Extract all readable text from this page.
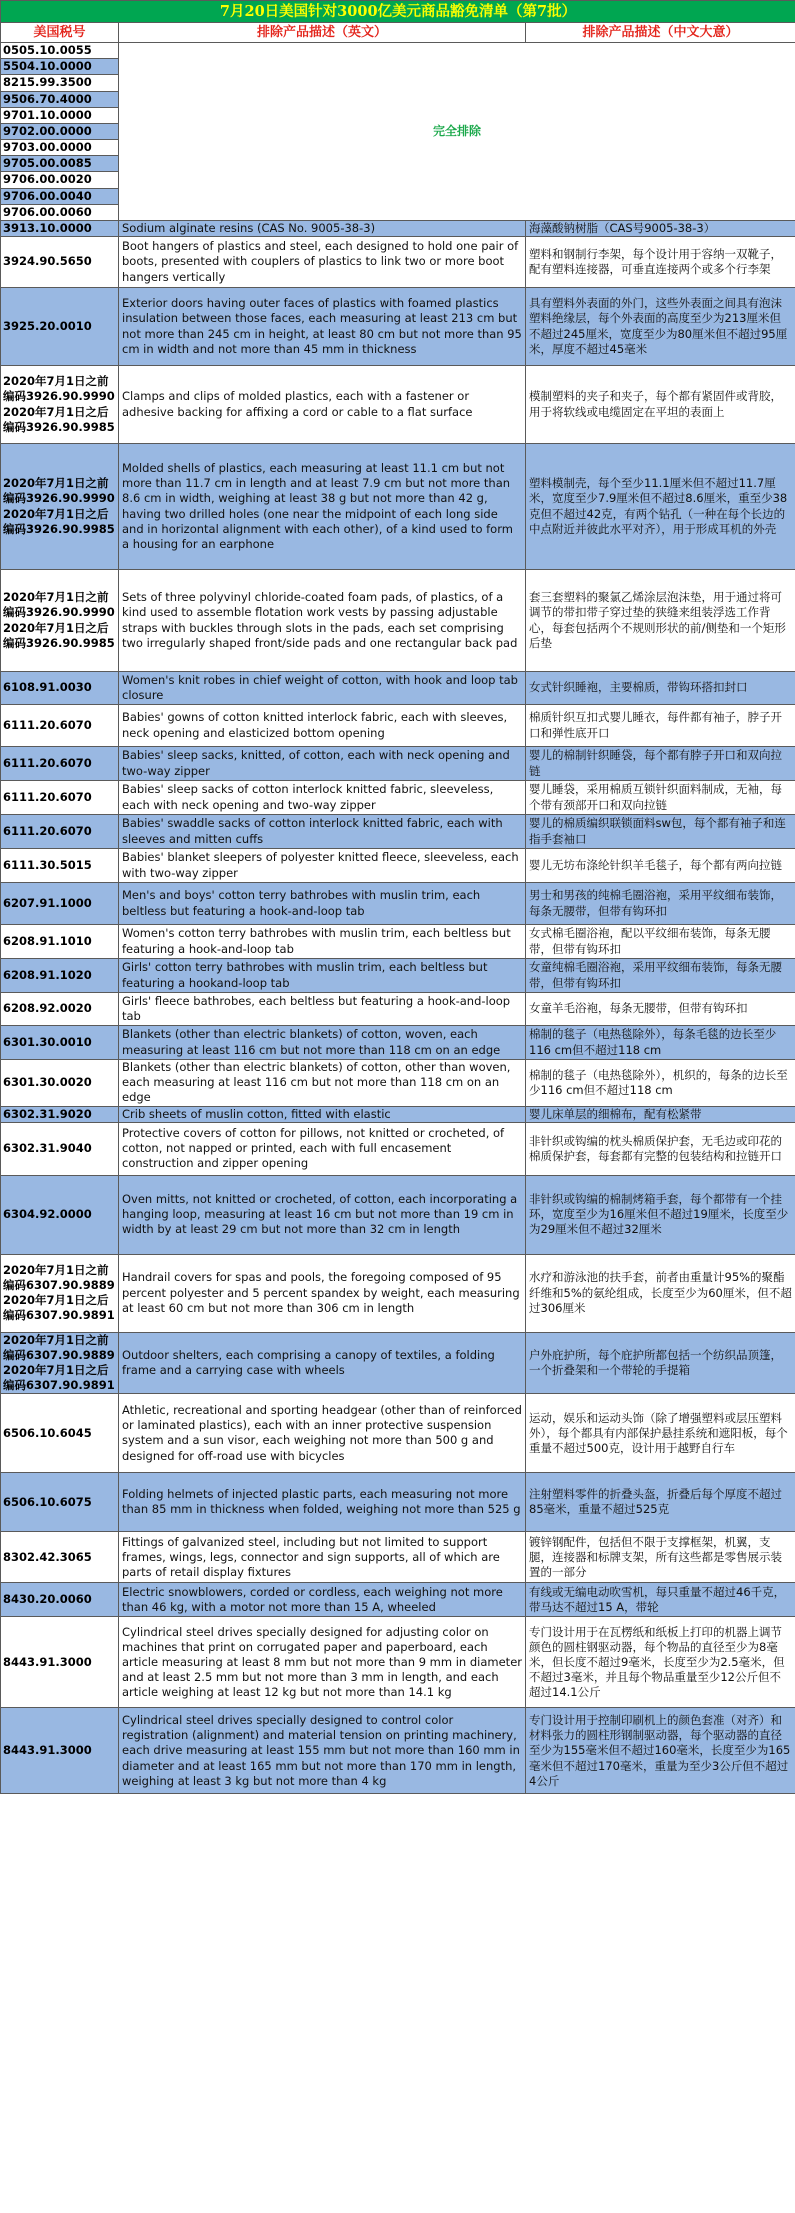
7月20日美国针对3000亿美元商品豁免清单（第7批）		
美国税号	排除产品描述（英文）	排除产品描述（中文大意）
0505.10.0055	完全排除	
5504.10.0000		
8215.99.3500		
9506.70.4000		
9701.10.0000		
9702.00.0000		
9703.00.0000		
9705.00.0085		
9706.00.0020		
9706.00.0040		
9706.00.0060		
3913.10.0000	Sodium alginate resins (CAS No. 9005-38-3)	海藻酸钠树脂（CAS号9005-38-3）
3924.90.5650	Boot hangers of plastics and steel, each designed to hold one pair of boots, presented with couplers of plastics to link two or more boot hangers vertically	塑料和钢制行李架，每个设计用于容纳一双靴子，配有塑料连接器，可垂直连接两个或多个行李架
3925.20.0010	Exterior doors having outer faces of plastics with foamed plastics insulation between those faces, each measuring at least 213 cm but not more than 245 cm in height, at least 80 cm but not more than 95 cm in width and not more than 45 mm in thickness	具有塑料外表面的外门，这些外表面之间具有泡沫塑料绝缘层，每个外表面的高度至少为213厘米但不超过245厘米，宽度至少为80厘米但不超过95厘米，厚度不超过45毫米
2020年7月1日之前编码3926.90.9990 2020年7月1日之后编码3926.90.9985	Clamps and clips of molded plastics, each with a fastener or adhesive backing for affixing a cord or cable to a flat surface	模制塑料的夹子和夹子，每个都有紧固件或背胶，用于将软线或电缆固定在平坦的表面上
2020年7月1日之前编码3926.90.9990 2020年7月1日之后编码3926.90.9985	Molded shells of plastics, each measuring at least 11.1 cm but not more than 11.7 cm in length and at least 7.9 cm but not more than 8.6 cm in width, weighing at least 38 g but not more than 42 g, having two drilled holes (one near the midpoint of each long side and in horizontal alignment with each other), of a kind used to form a housing for an earphone	塑料模制壳，每个至少11.1厘米但不超过11.7厘米，宽度至少7.9厘米但不超过8.6厘米，重至少38克但不超过42克，有两个钻孔（一种在每个长边的中点附近并彼此水平对齐），用于形成耳机的外壳
2020年7月1日之前编码3926.90.9990 2020年7月1日之后编码3926.90.9985	Sets of three polyvinyl chloride-coated foam pads, of plastics, of a kind used to assemble flotation work vests by passing adjustable straps with buckles through slots in the pads, each set comprising two irregularly shaped front/side pads and one rectangular back pad	套三套塑料的聚氯乙烯涂层泡沫垫，用于通过将可调节的带扣带子穿过垫的狭缝来组装浮选工作背心，每套包括两个不规则形状的前/侧垫和一个矩形后垫
6108.91.0030	Women's knit robes in chief weight of cotton, with hook and loop tab closure	女式针织睡袍，主要棉质，带钩环搭扣封口
6111.20.6070	Babies' gowns of cotton knitted interlock fabric, each with sleeves, neck opening and elasticized bottom opening	棉质针织互扣式婴儿睡衣，每件都有袖子，脖子开口和弹性底开口
6111.20.6070	Babies' sleep sacks, knitted, of cotton, each with neck opening and two-way zipper	婴儿的棉制针织睡袋，每个都有脖子开口和双向拉链
6111.20.6070	Babies' sleep sacks of cotton interlock knitted fabric, sleeveless, each with neck opening and two-way zipper	婴儿睡袋，采用棉质互锁针织面料制成，无袖，每个带有颈部开口和双向拉链
6111.20.6070	Babies' swaddle sacks of cotton interlock knitted fabric, each with sleeves and mitten cuffs	婴儿的棉质编织联锁面料sw包，每个都有袖子和连指手套袖口
6111.30.5015	Babies' blanket sleepers of polyester knitted fleece, sleeveless, each with two-way zipper	婴儿无坊布涤纶针织羊毛毯子，每个都有两向拉链
6207.91.1000	Men's and boys' cotton terry bathrobes with muslin trim, each beltless but featuring a hook-and-loop tab	男士和男孩的纯棉毛圈浴袍，采用平纹细布装饰，每条无腰带，但带有钩环扣
6208.91.1010	Women's cotton terry bathrobes with muslin trim, each beltless but featuring a hook-and-loop tab	女式棉毛圈浴袍，配以平纹细布装饰，每条无腰带，但带有钩环扣
6208.91.1020	Girls' cotton terry bathrobes with muslin trim, each beltless but featuring a hookand-loop tab	女童纯棉毛圈浴袍，采用平纹细布装饰，每条无腰带，但带有钩环扣
6208.92.0020	Girls' fleece bathrobes, each beltless but featuring a hook-and-loop tab	女童羊毛浴袍，每条无腰带，但带有钩环扣
6301.30.0010	Blankets (other than electric blankets) of cotton, woven, each measuring at least 116 cm but not more than 118 cm on an edge	棉制的毯子（电热毯除外），每条毛毯的边长至少116 cm但不超过118 cm
6301.30.0020	Blankets (other than electric blankets) of cotton, other than woven, each measuring at least 116 cm but not more than 118 cm on an edge	棉制的毯子（电热毯除外），机织的，每条的边长至少116 cm但不超过118 cm
6302.31.9020	Crib sheets of muslin cotton, fitted with elastic	婴儿床单层的细棉布，配有松紧带
6302.31.9040	Protective covers of cotton for pillows, not knitted or crocheted, of cotton, not napped or printed, each with full encasement construction and zipper opening	非针织或钩编的枕头棉质保护套，无毛边或印花的棉质保护套，每套都有完整的包装结构和拉链开口
6304.92.0000	Oven mitts, not knitted or crocheted, of cotton, each incorporating a hanging loop, measuring at least 16 cm but not more than 19 cm in width by at least 29 cm but not more than 32 cm in length	非针织或钩编的棉制烤箱手套，每个都带有一个挂环，宽度至少为16厘米但不超过19厘米，长度至少为29厘米但不超过32厘米
2020年7月1日之前编码6307.90.9889 2020年7月1日之后编码6307.90.9891	Handrail covers for spas and pools, the foregoing composed of 95 percent polyester and 5 percent spandex by weight, each measuring at least 60 cm but not more than 306 cm in length	水疗和游泳池的扶手套，前者由重量计95%的聚酯纤维和5%的氨纶组成，长度至少为60厘米，但不超过306厘米
2020年7月1日之前编码6307.90.9889 2020年7月1日之后编码6307.90.9891	Outdoor shelters, each comprising a canopy of textiles, a folding frame and a carrying case with wheels	户外庇护所，每个庇护所都包括一个纺织品顶篷，一个折叠架和一个带轮的手提箱
6506.10.6045	Athletic, recreational and sporting headgear (other than of reinforced or laminated plastics), each with an inner protective suspension system and a sun visor, each weighing not more than 500 g and designed for off-road use with bicycles	运动，娱乐和运动头饰（除了增强塑料或层压塑料外），每个都具有内部保护悬挂系统和遮阳板，每个重量不超过500克，设计用于越野自行车
6506.10.6075	Folding helmets of injected plastic parts, each measuring not more than 85 mm in thickness when folded, weighing not more than 525 g	注射塑料零件的折叠头盔，折叠后每个厚度不超过85毫米，重量不超过525克
8302.42.3065	Fittings of galvanized steel, including but not limited to support frames, wings, legs, connector and sign supports, all of which are parts of retail display fixtures	镀锌钢配件，包括但不限于支撑框架，机翼，支腿，连接器和标牌支架，所有这些都是零售展示装置的一部分
8430.20.0060	Electric snowblowers, corded or cordless, each weighing not more than 46 kg, with a motor not more than 15 A, wheeled	有线或无编电动吹雪机，每只重量不超过46千克，带马达不超过15 A，带轮
8443.91.3000	Cylindrical steel drives specially designed for adjusting color on machines that print on corrugated paper and paperboard, each article measuring at least 8 mm but not more than 9 mm in diameter and at least 2.5 mm but not more than 3 mm in length, and each article weighing at least 12 kg but not more than 14.1 kg	专门设计用于在瓦楞纸和纸板上打印的机器上调节颜色的圆柱钢驱动器，每个物品的直径至少为8毫米，但长度不超过9毫米，长度至少为2.5毫米，但不超过3毫米，并且每个物品重量至少12公斤但不超过14.1公斤
8443.91.3000	Cylindrical steel drives specially designed to control color registration (alignment) and material tension on printing machinery, each drive measuring at least 155 mm but not more than 160 mm in diameter and at least 165 mm but not more than 170 mm in length, weighing at least 3 kg but not more than 4 kg	专门设计用于控制印刷机上的颜色套准（对齐）和材料张力的圆柱形钢制驱动器，每个驱动器的直径至少为155毫米但不超过160毫米，长度至少为165毫米但不超过170毫米，重量为至少3公斤但不超过4公斤
